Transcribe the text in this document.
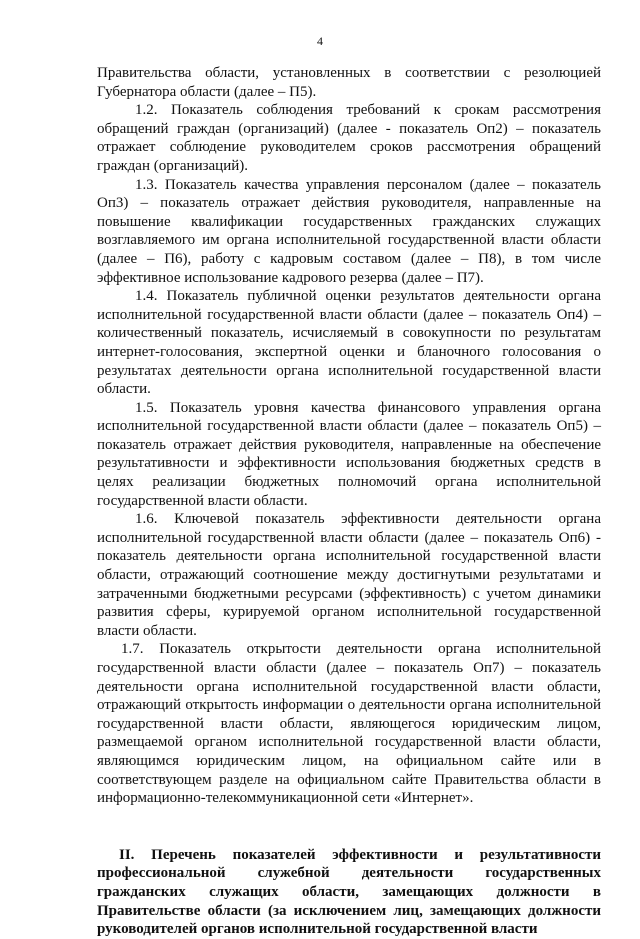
4

Правительства области, установленных в соответствии с резолюцией Губернатора области (далее – П5).

1.2. Показатель соблюдения требований к срокам рассмотрения обращений граждан (организаций) (далее - показатель Оп2) – показатель отражает соблюдение руководителем сроков рассмотрения обращений граждан (организаций).

1.3. Показатель качества управления персоналом (далее – показатель Оп3) – показатель отражает действия руководителя, направленные на повышение квалификации государственных гражданских служащих возглавляемого им органа исполнительной государственной власти области (далее – П6), работу с кадровым составом (далее – П8), в том числе эффективное использование кадрового резерва (далее – П7).

1.4. Показатель публичной оценки результатов деятельности органа исполнительной государственной власти области (далее – показатель Оп4) – количественный показатель, исчисляемый в совокупности по результатам интернет-голосования, экспертной оценки и бланочного голосования о результатах деятельности органа исполнительной государственной власти области.

1.5. Показатель уровня качества финансового управления органа исполнительной государственной власти области (далее – показатель Оп5) – показатель отражает действия руководителя, направленные на обеспечение результативности и эффективности использования бюджетных средств в целях реализации бюджетных полномочий органа исполнительной государственной власти области.

1.6. Ключевой показатель эффективности деятельности органа исполнительной государственной власти области (далее – показатель Оп6) - показатель деятельности органа исполнительной государственной власти области, отражающий соотношение между достигнутыми результатами и затраченными бюджетными ресурсами (эффективность) с учетом динамики развития сферы, курируемой органом исполнительной государственной власти области.

1.7. Показатель открытости деятельности органа исполнительной государственной власти области (далее – показатель Оп7) – показатель деятельности органа исполнительной государственной власти области, отражающий открытость информации о деятельности органа исполнительной государственной власти области, являющегося юридическим лицом, размещаемой органом исполнительной государственной власти области, являющимся юридическим лицом, на официальном сайте или в соответствующем разделе на официальном сайте Правительства области в информационно-телекоммуникационной сети «Интернет».

II. Перечень показателей эффективности и результативности профессиональной служебной деятельности государственных гражданских служащих области, замещающих должности в Правительстве области (за исключением лиц, замещающих должности руководителей органов исполнительной государственной власти
